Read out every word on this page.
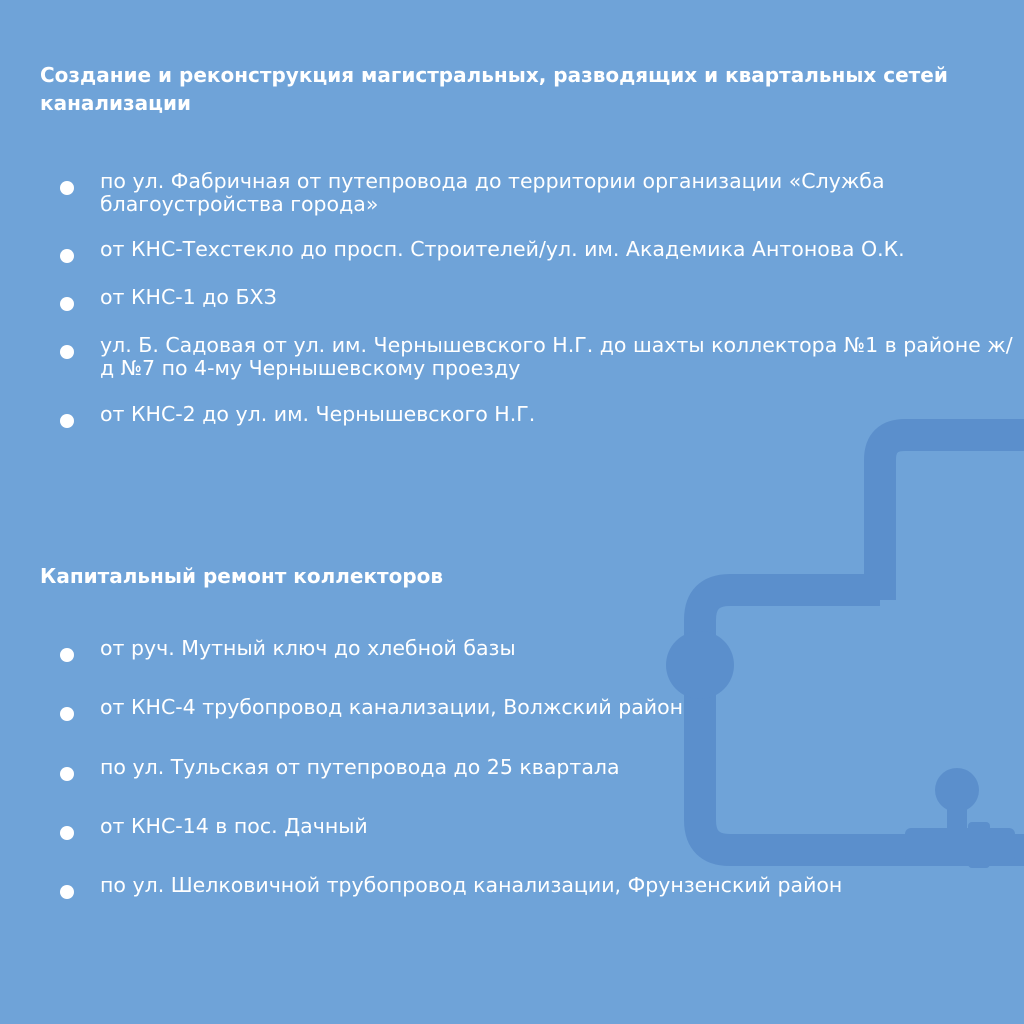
Создание и реконструкция магистральных, разводящих и квартальных сетей канализации
по ул. Фабричная от путепровода до территории организации «Служба благоустройства города»
от КНС-Техстекло до просп. Строителей/ул. им. Академика Антонова О.К.
от КНС-1 до БХЗ
ул. Б. Садовая от ул. им. Чернышевского Н.Г. до шахты коллектора №1 в районе ж/д №7 по 4-му Чернышевскому проезду
от КНС-2 до ул. им. Чернышевского Н.Г.
Капитальный ремонт коллекторов
от руч. Мутный ключ до хлебной базы
от КНС-4 трубопровод канализации, Волжский район
по ул. Тульская от путепровода до 25 квартала
от КНС-14 в пос. Дачный
по ул. Шелковичной трубопровод канализации, Фрунзенский район
